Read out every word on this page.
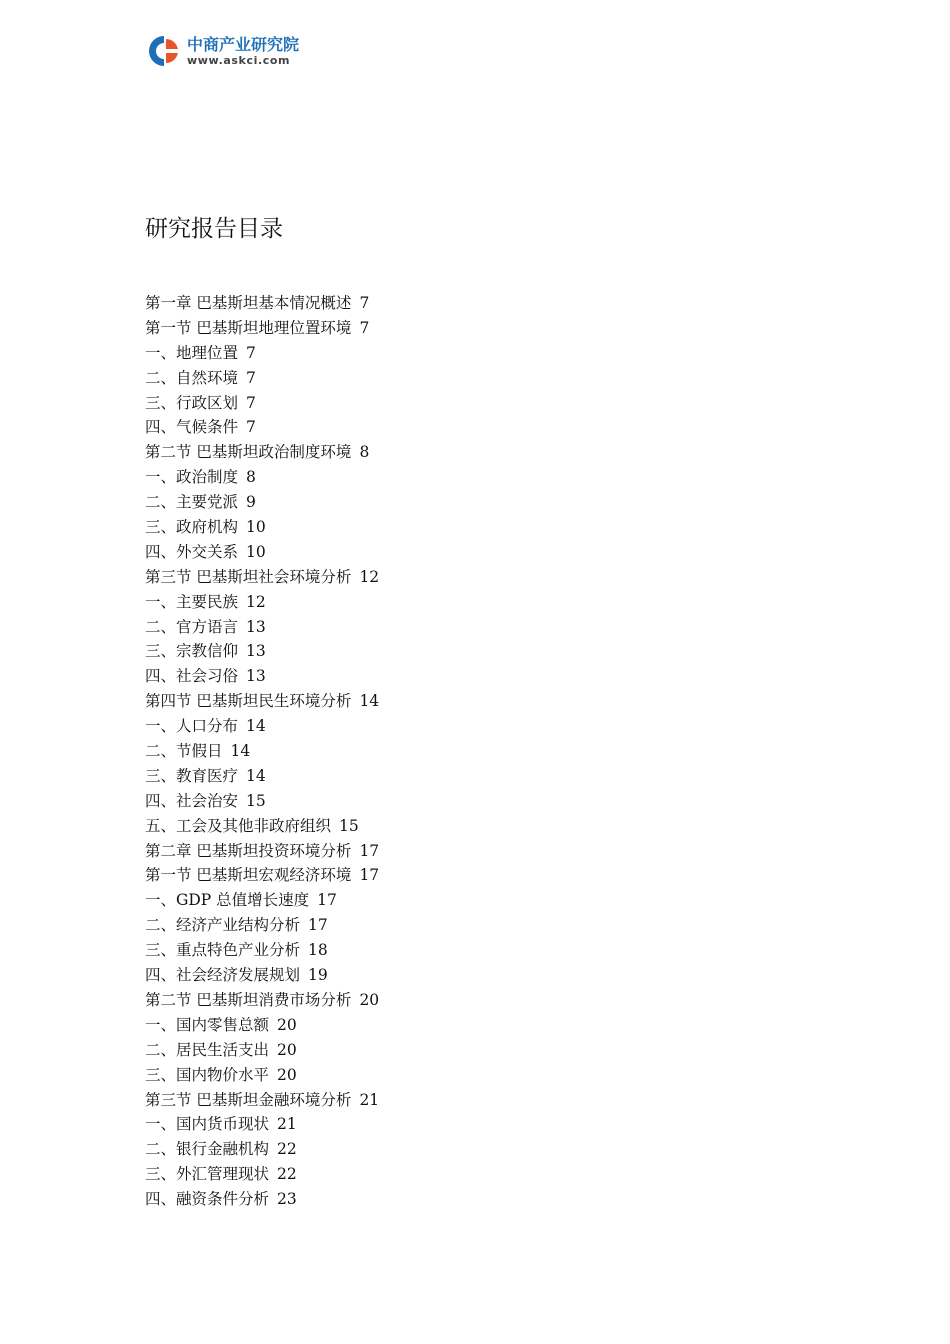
中商产业研究院
www.askci.com
研究报告目录
第一章 巴基斯坦基本情况概述 7
第一节 巴基斯坦地理位置环境 7
一、地理位置 7
二、自然环境 7
三、行政区划 7
四、气候条件 7
第二节 巴基斯坦政治制度环境 8
一、政治制度 8
二、主要党派 9
三、政府机构 10
四、外交关系 10
第三节 巴基斯坦社会环境分析 12
一、主要民族 12
二、官方语言 13
三、宗教信仰 13
四、社会习俗 13
第四节 巴基斯坦民生环境分析 14
一、人口分布 14
二、节假日 14
三、教育医疗 14
四、社会治安 15
五、工会及其他非政府组织 15
第二章 巴基斯坦投资环境分析 17
第一节 巴基斯坦宏观经济环境 17
一、GDP 总值增长速度 17
二、经济产业结构分析 17
三、重点特色产业分析 18
四、社会经济发展规划 19
第二节 巴基斯坦消费市场分析 20
一、国内零售总额 20
二、居民生活支出 20
三、国内物价水平 20
第三节 巴基斯坦金融环境分析 21
一、国内货币现状 21
二、银行金融机构 22
三、外汇管理现状 22
四、融资条件分析 23
